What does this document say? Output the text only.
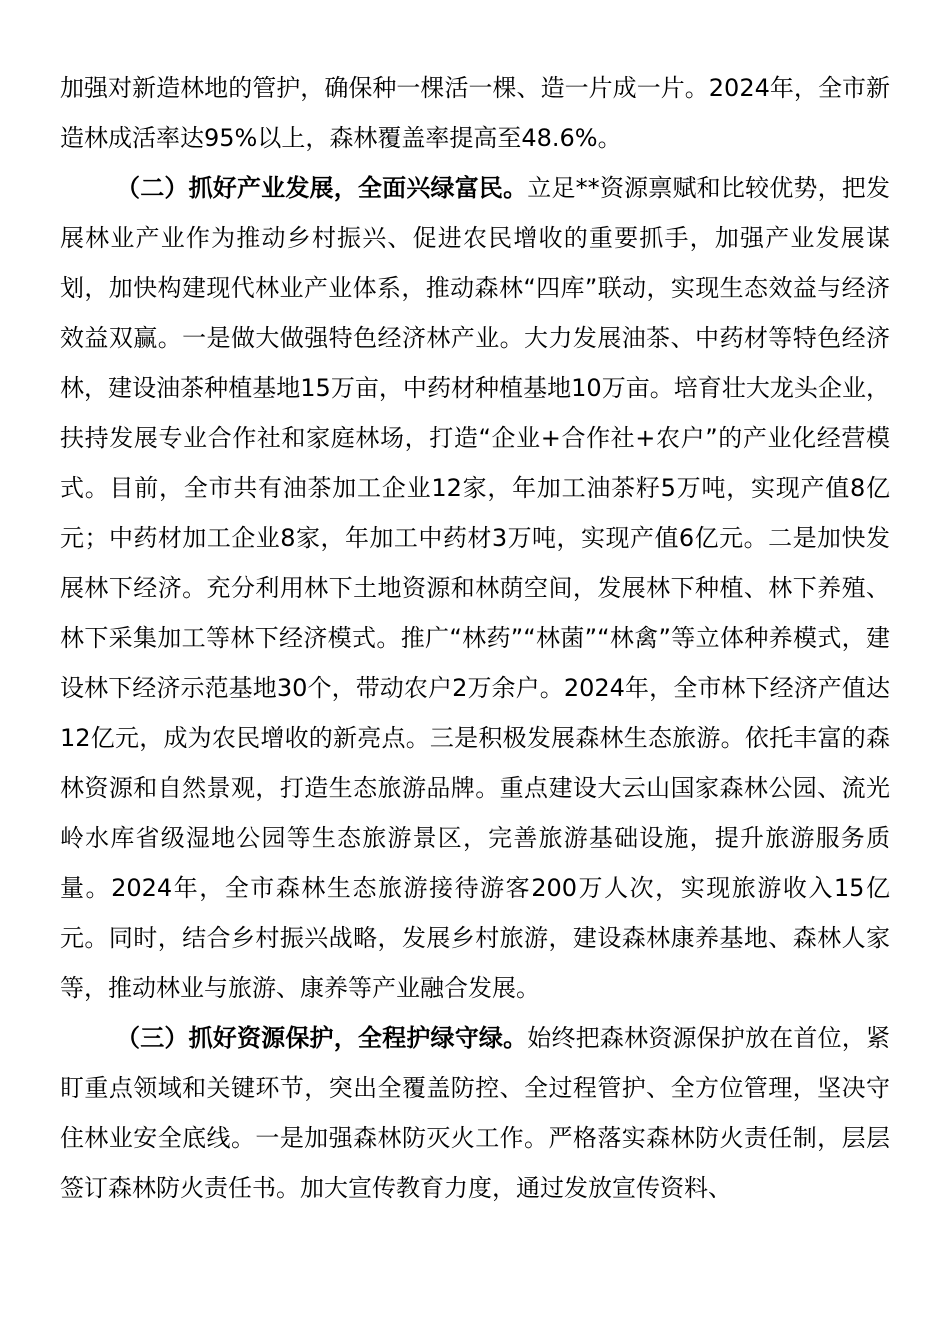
加强对新造林地的管护，确保种一棵活一棵、造一片成一片。2024年，全市新造林成活率达95%以上，森林覆盖率提高至48.6%。

（二）抓好产业发展，全面兴绿富民。立足**资源禀赋和比较优势，把发展林业产业作为推动乡村振兴、促进农民增收的重要抓手，加强产业发展谋划，加快构建现代林业产业体系，推动森林“四库”联动，实现生态效益与经济效益双赢。一是做大做强特色经济林产业。大力发展油茶、中药材等特色经济林，建设油茶种植基地15万亩，中药材种植基地10万亩。培育壮大龙头企业，扶持发展专业合作社和家庭林场，打造“企业+合作社+农户”的产业化经营模式。目前，全市共有油茶加工企业12家，年加工油茶籽5万吨，实现产值8亿元；中药材加工企业8家，年加工中药材3万吨，实现产值6亿元。二是加快发展林下经济。充分利用林下土地资源和林荫空间，发展林下种植、林下养殖、林下采集加工等林下经济模式。推广“林药”“林菌”“林禽”等立体种养模式，建设林下经济示范基地30个，带动农户2万余户。2024年，全市林下经济产值达12亿元，成为农民增收的新亮点。三是积极发展森林生态旅游。依托丰富的森林资源和自然景观，打造生态旅游品牌。重点建设大云山国家森林公园、流光岭水库省级湿地公园等生态旅游景区，完善旅游基础设施，提升旅游服务质量。2024年，全市森林生态旅游接待游客200万人次，实现旅游收入15亿元。同时，结合乡村振兴战略，发展乡村旅游，建设森林康养基地、森林人家等，推动林业与旅游、康养等产业融合发展。

（三）抓好资源保护，全程护绿守绿。始终把森林资源保护放在首位，紧盯重点领域和关键环节，突出全覆盖防控、全过程管护、全方位管理，坚决守住林业安全底线。一是加强森林防灭火工作。严格落实森林防火责任制，层层签订森林防火责任书。加大宣传教育力度，通过发放宣传资料、
